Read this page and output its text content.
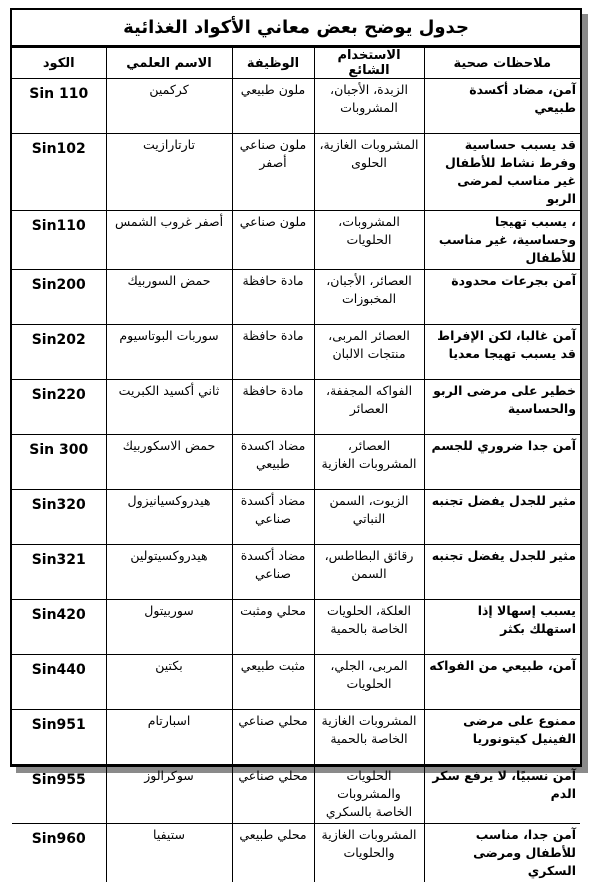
جدول يوضح بعض معاني الأكواد الغذائية
ملاحظات صحية	الاستخدام الشائع	الوظيفة	الاسم العلمي	الكود
آمن، مضاد أكسدة طبيعي	الزبدة، الأجبان، المشروبات	ملون طبيعي	كركمين	Sin 110
قد يسبب حساسية وفرط نشاط للأطفال غير مناسب لمرضى الربو	المشروبات الغازية، الحلوى	ملون صناعي أصفر	تارتارازيت	Sin102
، يسبب تهيجا وحساسية، غير مناسب للأطفال	المشروبات، الحلويات	ملون صناعي	أصفر غروب الشمس	Sin110
آمن بجرعات محدودة	العصائر، الأجبان، المخبوزات	مادة حافظة	حمض السوربيك	Sin200
آمن غالبا، لكن الإفراط قد يسبب تهيجا معديا	العصائر المربى، منتجات الالبان	مادة حافظة	سوربات البوتاسيوم	Sin202
خطير على مرضى الربو والحساسية	الفواكه المجففة، العصائر	مادة حافظة	ثاني أكسيد الكبريت	Sin220
آمن جدا ضروري للجسم	العصائر، المشروبات الغازية	مضاد اكسدة طبيعي	حمض الاسكوربيك	Sin 300
مثير للجدل يفضل تجنبه	الزيوت، السمن النباتي	مضاد أكسدة صناعي	هيدروكسيانيزول	Sin320
مثير للجدل يفضل تجنبه	رقائق البطاطس، السمن	مضاد أكسدة صناعي	هيدروكسيتولين	Sin321
يسبب إسهالا إذا استهلك بكثر	العلكة، الحلويات الخاصة بالحمية	محلي ومثبت	سوربيتول	Sin420
آمن، طبيعي من الفواكه	المربى، الجلي، الحلويات	مثبت طبيعي	بكتين	Sin440
ممنوع على مرضى الفينيل كيتونوريا	المشروبات الغازية الخاصة بالحمية	محلي صناعي	اسبارتام	Sin951
آمن نسبيًا، لا يرفع سكر الدم	الحلويات والمشروبات الخاصة بالسكري	محلي صناعي	سوكرالوز	Sin955
آمن جدا، مناسب للأطفال ومرضى السكري	المشروبات الغازية والحلويات	محلي طبيعي	ستيفيا	Sin960
